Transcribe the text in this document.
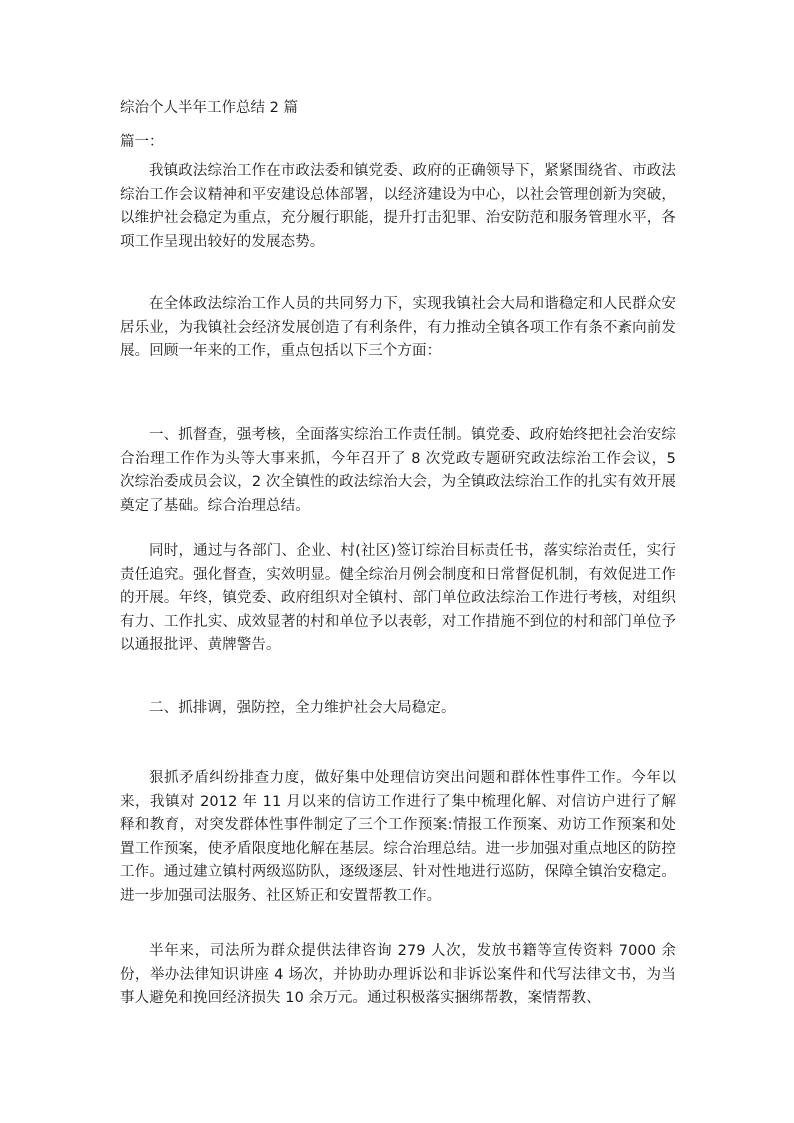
综治个人半年工作总结 2 篇
篇一：

我镇政法综治工作在市政法委和镇党委、政府的正确领导下，紧紧围绕省、市政法综治工作会议精神和平安建设总体部署，以经济建设为中心，以社会管理创新为突破，以维护社会稳定为重点，充分履行职能，提升打击犯罪、治安防范和服务管理水平，各项工作呈现出较好的发展态势。

在全体政法综治工作人员的共同努力下，实现我镇社会大局和谐稳定和人民群众安居乐业，为我镇社会经济发展创造了有利条件，有力推动全镇各项工作有条不紊向前发展。回顾一年来的工作，重点包括以下三个方面：

一、抓督查，强考核，全面落实综治工作责任制。镇党委、政府始终把社会治安综合治理工作作为头等大事来抓，今年召开了 8 次党政专题研究政法综治工作会议，5 次综治委成员会议，2 次全镇性的政法综治大会，为全镇政法综治工作的扎实有效开展奠定了基础。综合治理总结。

同时，通过与各部门、企业、村(社区)签订综治目标责任书，落实综治责任，实行责任追究。强化督查，实效明显。健全综治月例会制度和日常督促机制，有效促进工作的开展。年终，镇党委、政府组织对全镇村、部门单位政法综治工作进行考核，对组织有力、工作扎实、成效显著的村和单位予以表彰，对工作措施不到位的村和部门单位予以通报批评、黄牌警告。

二、抓排调，强防控，全力维护社会大局稳定。

狠抓矛盾纠纷排查力度，做好集中处理信访突出问题和群体性事件工作。今年以来，我镇对 2012 年 11 月以来的信访工作进行了集中梳理化解、对信访户进行了解释和教育，对突发群体性事件制定了三个工作预案:情报工作预案、劝访工作预案和处置工作预案，使矛盾限度地化解在基层。综合治理总结。进一步加强对重点地区的防控工作。通过建立镇村两级巡防队，逐级逐层、针对性地进行巡防，保障全镇治安稳定。进一步加强司法服务、社区矫正和安置帮教工作。

半年来，司法所为群众提供法律咨询 279 人次，发放书籍等宣传资料 7000 余份，举办法律知识讲座 4 场次，并协助办理诉讼和非诉讼案件和代写法律文书，为当事人避免和挽回经济损失 10 余万元。通过积极落实捆绑帮教，案情帮教、
